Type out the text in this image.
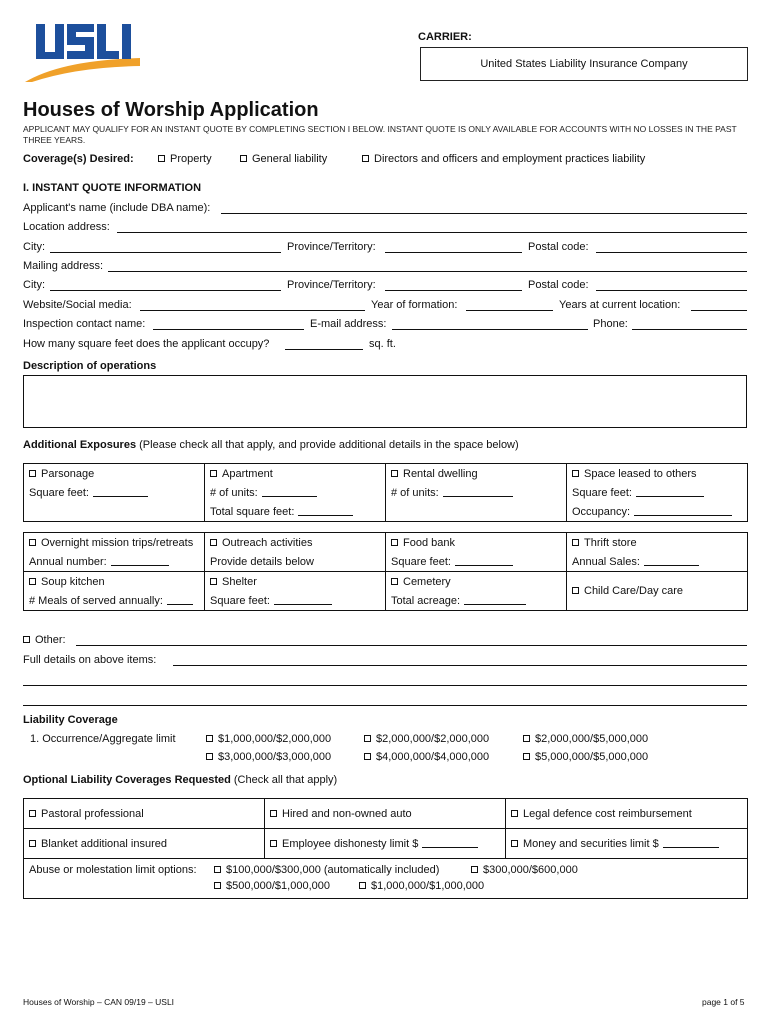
CARRIER:
United States Liability Insurance Company
Houses of Worship Application
APPLICANT MAY QUALIFY FOR AN INSTANT QUOTE BY COMPLETING SECTION I BELOW. INSTANT QUOTE IS ONLY AVAILABLE FOR ACCOUNTS WITH NO LOSSES IN THE PAST THREE YEARS.
Coverage(s) Desired:	Property	General liability	Directors and officers and employment practices liability
I. INSTANT QUOTE INFORMATION
Applicant's name (include DBA name):
Location address:
City:	Province/Territory:	Postal code:
Mailing address:
City:	Province/Territory:	Postal code:
Website/Social media:	Year of formation:	Years at current location:
Inspection contact name:	E-mail address:	Phone:
How many square feet does the applicant occupy?	sq. ft.
Description of operations
Additional Exposures (Please check all that apply, and provide additional details in the space below)
Parsonage	Apartment	Rental dwelling	Space leased to others
Square feet:	# of units:	# of units:	Square feet:
	Total square feet:		Occupancy:

Overnight mission trips/retreats	Outreach activities	Food bank	Thrift store
Annual number:	Provide details below	Square feet:	Annual Sales:
Soup kitchen	Shelter	Cemetery	Child Care/Day care
# Meals of served annually:	Square feet:	Total acreage:	
Other:
Full details on above items:
Liability Coverage
1. Occurrence/Aggregate limit	$1,000,000/$2,000,000	$2,000,000/$2,000,000	$2,000,000/$5,000,000
$3,000,000/$3,000,000	$4,000,000/$4,000,000	$5,000,000/$5,000,000
Optional Liability Coverages Requested (Check all that apply)
Pastoral professional	Hired and non-owned auto	Legal defence cost reimbursement
Blanket additional insured	Employee dishonesty limit $	Money and securities limit $
Abuse or molestation limit options: $100,000/$300,000 (automatically included) $300,000/$600,000
$500,000/$1,000,000 $1,000,000/$1,000,000		
Houses of Worship – CAN 09/19 – USLI	page 1 of 5
